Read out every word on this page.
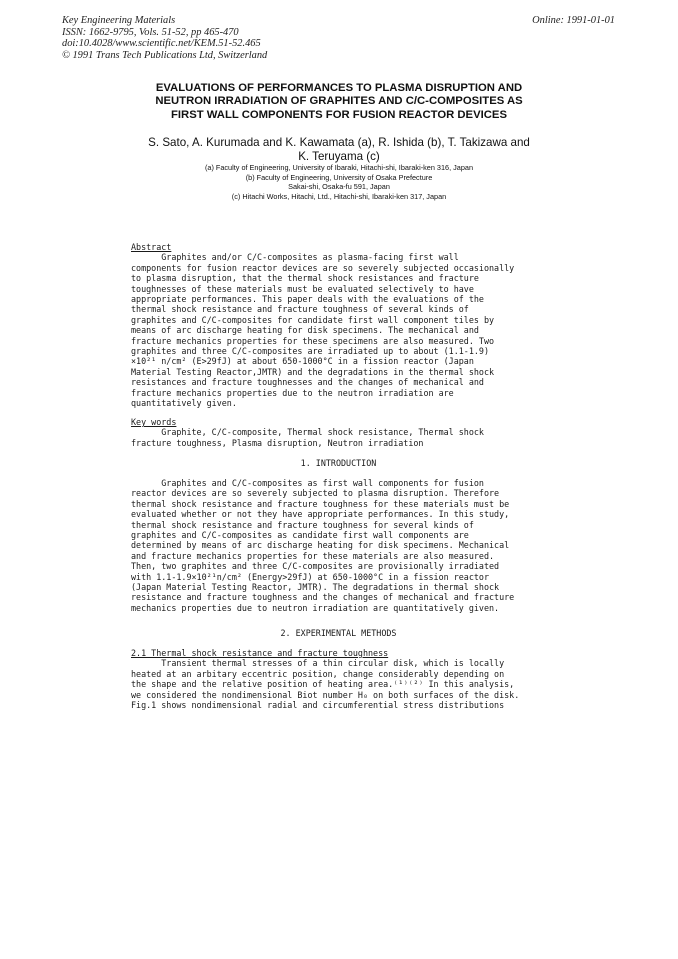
Key Engineering Materials
ISSN: 1662-9795, Vols. 51-52, pp 465-470
doi:10.4028/www.scientific.net/KEM.51-52.465
© 1991 Trans Tech Publications Ltd, Switzerland
Online: 1991-01-01
EVALUATIONS OF PERFORMANCES TO PLASMA DISRUPTION AND
NEUTRON IRRADIATION OF GRAPHITES AND C/C-COMPOSITES AS
FIRST WALL COMPONENTS FOR FUSION REACTOR DEVICES
S. Sato, A. Kurumada and K. Kawamata (a), R. Ishida (b), T. Takizawa and
K. Teruyama (c)
(a) Faculty of Engineering, University of Ibaraki, Hitachi-shi, Ibaraki-ken 316, Japan
(b) Faculty of Engineering, University of Osaka Prefecture
Sakai-shi, Osaka-fu 591, Japan
(c) Hitachi Works, Hitachi, Ltd., Hitachi-shi, Ibaraki-ken 317, Japan
Abstract
Graphites and/or C/C-composites as plasma-facing first wall
components for fusion reactor devices are so severely subjected occasionally
to plasma disruption, that the thermal shock resistances and fracture
toughnesses of these materials must be evaluated selectively to have
appropriate performances. This paper deals with the evaluations of the
thermal shock resistance and fracture toughness of several kinds of
graphites and C/C-composites for candidate first wall component tiles by
means of arc discharge heating for disk specimens. The mechanical and
fracture mechanics properties for these specimens are also measured. Two
graphites and three C/C-composites are irradiated up to about (1.1-1.9)
×10²¹ n/cm² (E>29fJ) at about 650-1000°C in a fission reactor (Japan
Material Testing Reactor,JMTR) and the degradations in the thermal shock
resistances and fracture toughnesses and the changes of mechanical and
fracture mechanics properties due to the neutron irradiation are
quantitatively given.
Key words
Graphite, C/C-composite, Thermal shock resistance, Thermal shock
fracture toughness, Plasma disruption, Neutron irradiation
1. INTRODUCTION
Graphites and C/C-composites as first wall components for fusion
reactor devices are so severely subjected to plasma disruption. Therefore
thermal shock resistance and fracture toughness for these materials must be
evaluated whether or not they have appropriate performances. In this study,
thermal shock resistance and fracture toughness for several kinds of
graphites and C/C-composites as candidate first wall components are
determined by means of arc discharge heating for disk specimens. Mechanical
and fracture mechanics properties for these materials are also measured.
Then, two graphites and three C/C-composites are provisionally irradiated
with 1.1-1.9×10²¹n/cm² (Energy>29fJ) at 650-1000°C in a fission reactor
(Japan Material Testing Reactor, JMTR). The degradations in thermal shock
resistance and fracture toughness and the changes of mechanical and fracture
mechanics properties due to neutron irradiation are quantitatively given.
2. EXPERIMENTAL METHODS
2.1 Thermal shock resistance and fracture toughness
Transient thermal stresses of a thin circular disk, which is locally
heated at an arbitary eccentric position, change considerably depending on
the shape and the relative position of heating area.⁽¹⁾⁽²⁾ In this analysis,
we considered the nondimensional Biot number H₀ on both surfaces of the disk.
Fig.1 shows nondimensional radial and circumferential stress distributions
